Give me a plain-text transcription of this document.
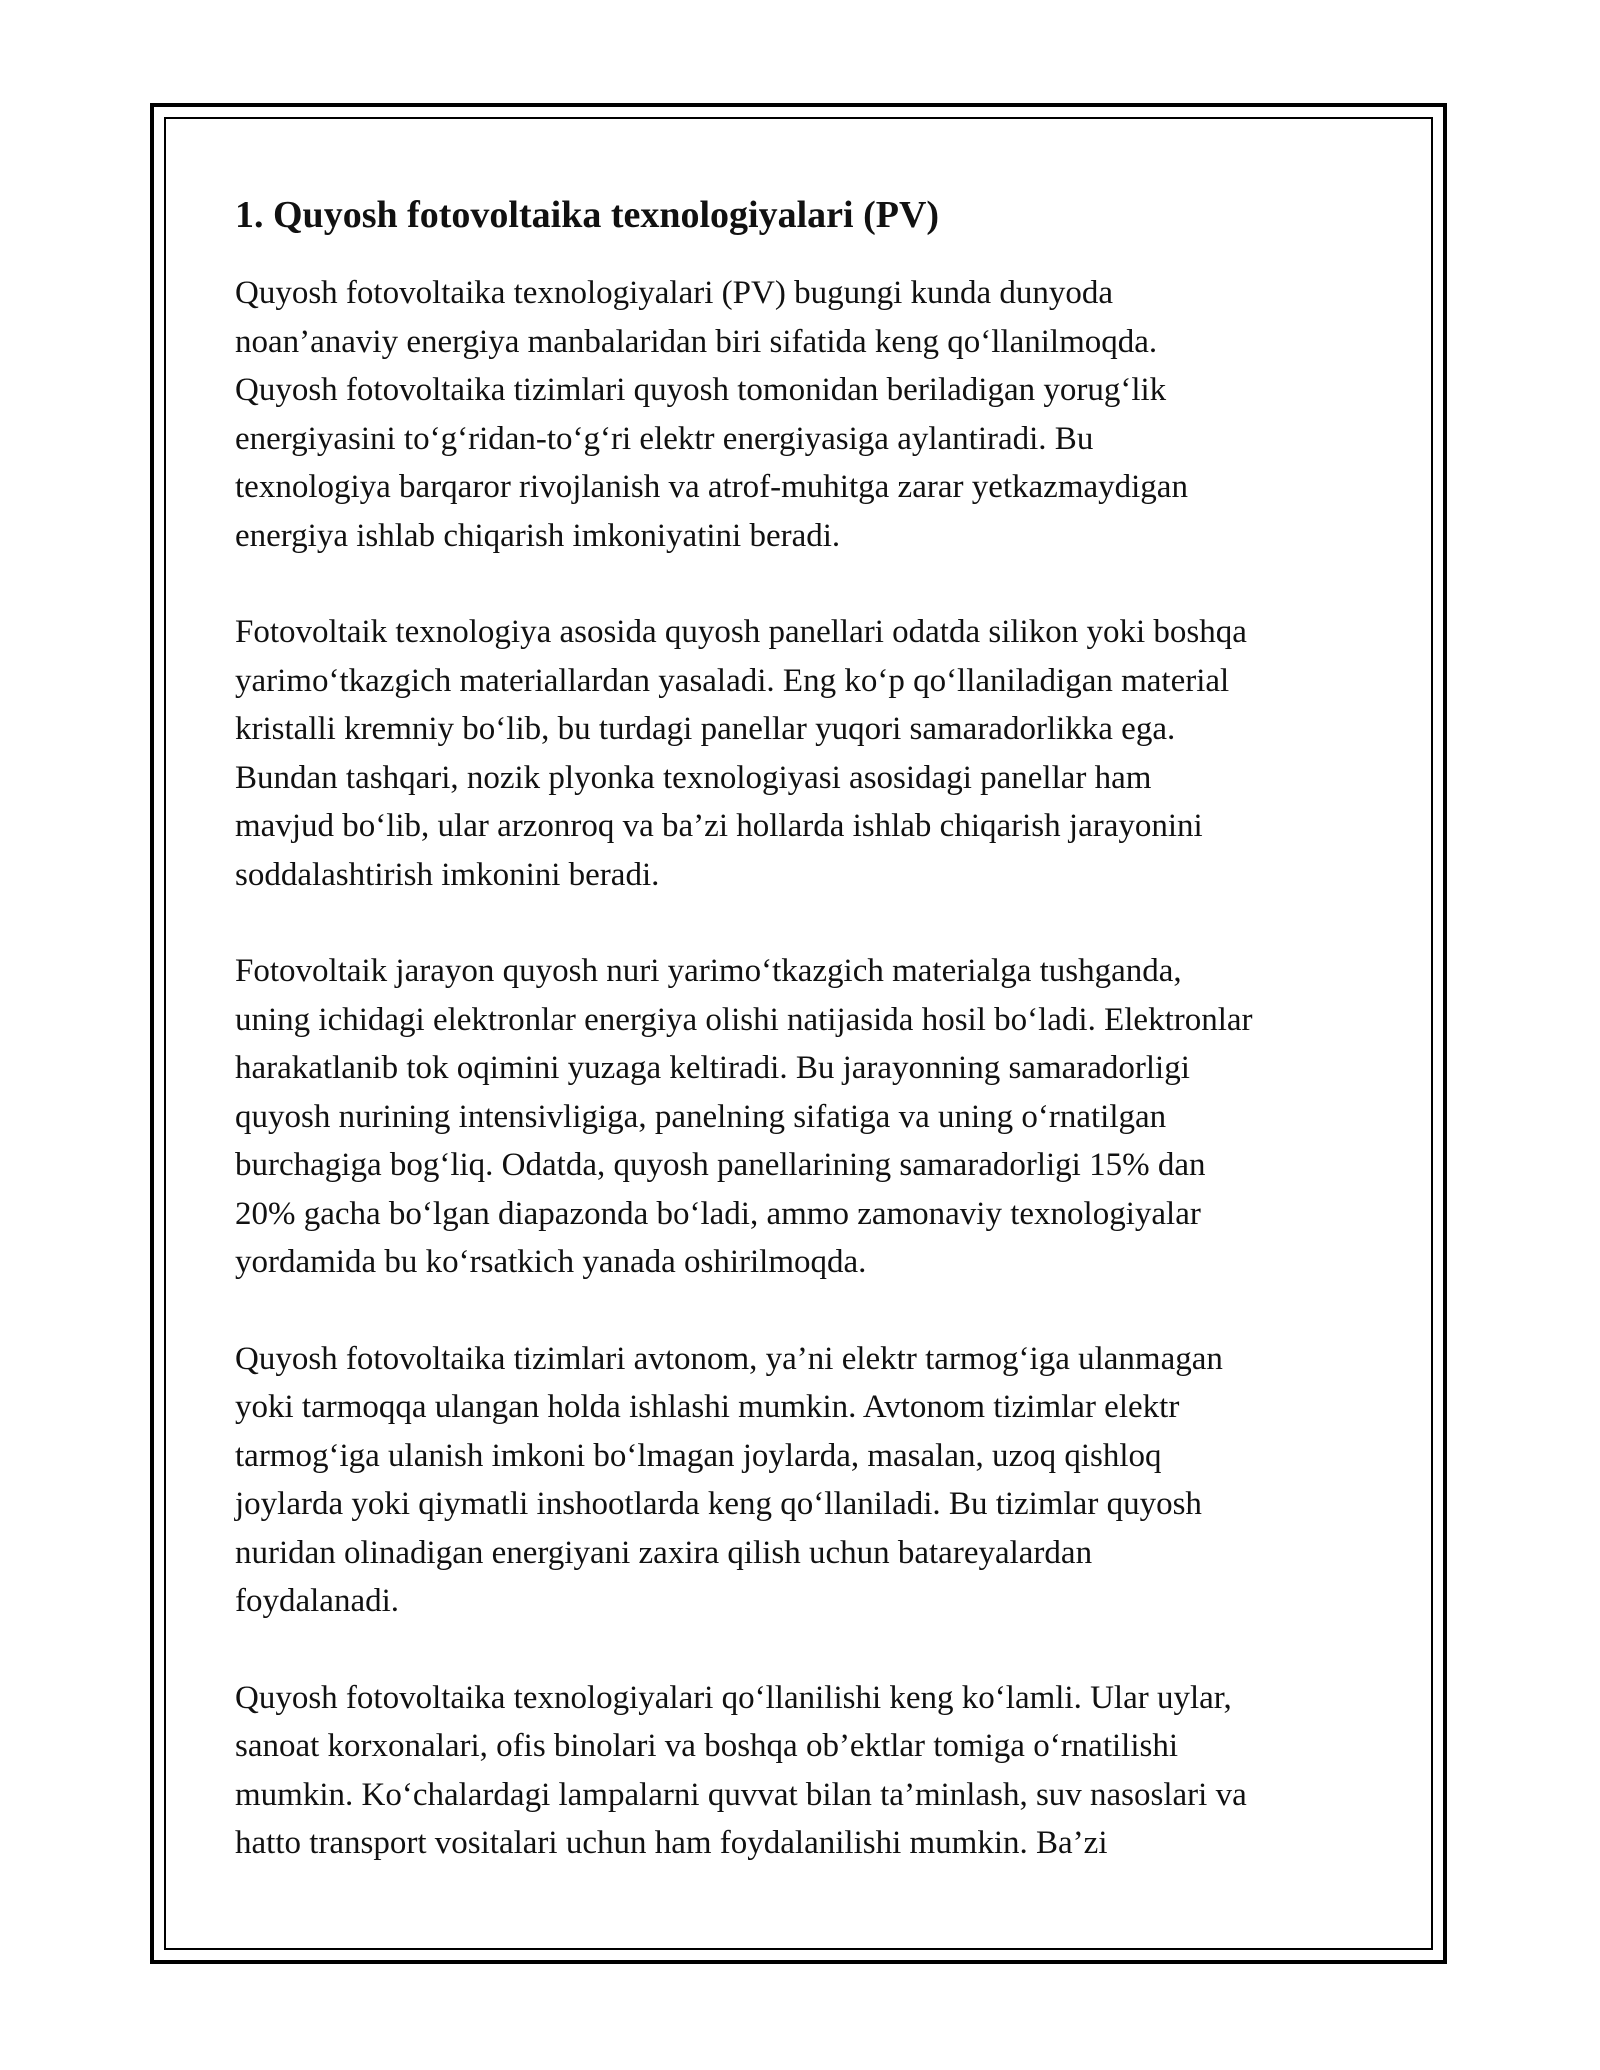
1. Quyosh fotovoltaika texnologiyalari (PV)

Quyosh fotovoltaika texnologiyalari (PV) bugungi kunda dunyoda
noan’anaviy energiya manbalaridan biri sifatida keng qo‘llanilmoqda.
Quyosh fotovoltaika tizimlari quyosh tomonidan beriladigan yorug‘lik
energiyasini to‘g‘ridan-to‘g‘ri elektr energiyasiga aylantiradi. Bu
texnologiya barqaror rivojlanish va atrof-muhitga zarar yetkazmaydigan
energiya ishlab chiqarish imkoniyatini beradi.

Fotovoltaik texnologiya asosida quyosh panellari odatda silikon yoki boshqa
yarimo‘tkazgich materiallardan yasaladi. Eng ko‘p qo‘llaniladigan material
kristalli kremniy bo‘lib, bu turdagi panellar yuqori samaradorlikka ega.
Bundan tashqari, nozik plyonka texnologiyasi asosidagi panellar ham
mavjud bo‘lib, ular arzonroq va ba’zi hollarda ishlab chiqarish jarayonini
soddalashtirish imkonini beradi.

Fotovoltaik jarayon quyosh nuri yarimo‘tkazgich materialga tushganda,
uning ichidagi elektronlar energiya olishi natijasida hosil bo‘ladi. Elektronlar
harakatlanib tok oqimini yuzaga keltiradi. Bu jarayonning samaradorligi
quyosh nurining intensivligiga, panelning sifatiga va uning o‘rnatilgan
burchagiga bog‘liq. Odatda, quyosh panellarining samaradorligi 15% dan
20% gacha bo‘lgan diapazonda bo‘ladi, ammo zamonaviy texnologiyalar
yordamida bu ko‘rsatkich yanada oshirilmoqda.

Quyosh fotovoltaika tizimlari avtonom, ya’ni elektr tarmog‘iga ulanmagan
yoki tarmoqqa ulangan holda ishlashi mumkin. Avtonom tizimlar elektr
tarmog‘iga ulanish imkoni bo‘lmagan joylarda, masalan, uzoq qishloq
joylarda yoki qiymatli inshootlarda keng qo‘llaniladi. Bu tizimlar quyosh
nuridan olinadigan energiyani zaxira qilish uchun batareyalardan
foydalanadi.

Quyosh fotovoltaika texnologiyalari qo‘llanilishi keng ko‘lamli. Ular uylar,
sanoat korxonalari, ofis binolari va boshqa ob’ektlar tomiga o‘rnatilishi
mumkin. Ko‘chalardagi lampalarni quvvat bilan ta’minlash, suv nasoslari va
hatto transport vositalari uchun ham foydalanilishi mumkin. Ba’zi
